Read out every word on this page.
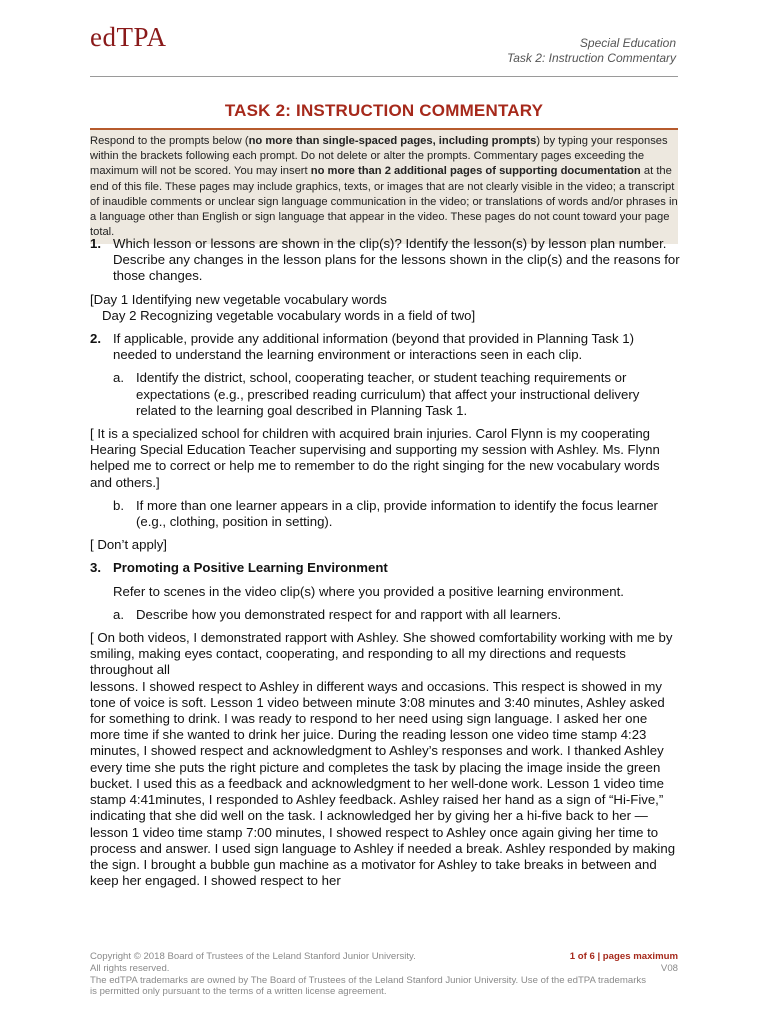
edTPA	Special Education
Task 2: Instruction Commentary
TASK 2: INSTRUCTION COMMENTARY
Respond to the prompts below (no more than single-spaced pages, including prompts) by typing your responses within the brackets following each prompt. Do not delete or alter the prompts. Commentary pages exceeding the maximum will not be scored. You may insert no more than 2 additional pages of supporting documentation at the end of this file. These pages may include graphics, texts, or images that are not clearly visible in the video; a transcript of inaudible comments or unclear sign language communication in the video; or translations of words and/or phrases in a language other than English or sign language that appear in the video. These pages do not count toward your page total.
1. Which lesson or lessons are shown in the clip(s)? Identify the lesson(s) by lesson plan number. Describe any changes in the lesson plans for the lessons shown in the clip(s) and the reasons for those changes.
[Day 1 Identifying new vegetable vocabulary words
Day 2 Recognizing vegetable vocabulary words in a field of two]
2. If applicable, provide any additional information (beyond that provided in Planning Task 1) needed to understand the learning environment or interactions seen in each clip.
a. Identify the district, school, cooperating teacher, or student teaching requirements or expectations (e.g., prescribed reading curriculum) that affect your instructional delivery related to the learning goal described in Planning Task 1.
[ It is a specialized school for children with acquired brain injuries. Carol Flynn is my cooperating Hearing Special Education Teacher supervising and supporting my session with Ashley. Ms. Flynn helped me to correct or help me to remember to do the right singing for the new vocabulary words and others.]
b. If more than one learner appears in a clip, provide information to identify the focus learner (e.g., clothing, position in setting).
[ Don’t apply]
3. Promoting a Positive Learning Environment
Refer to scenes in the video clip(s) where you provided a positive learning environment.
a. Describe how you demonstrated respect for and rapport with all learners.
[ On both videos, I demonstrated rapport with Ashley. She showed comfortability working with me by smiling, making eyes contact, cooperating, and responding to all my directions and requests throughout all
lessons. I showed respect to Ashley in different ways and occasions. This respect is showed in my tone of voice is soft. Lesson 1 video between minute 3:08 minutes and 3:40 minutes, Ashley asked for something to drink. I was ready to respond to her need using sign language. I asked her one more time if she wanted to drink her juice. During the reading lesson one video time stamp 4:23 minutes, I showed respect and acknowledgment to Ashley’s responses and work. I thanked Ashley every time she puts the right picture and completes the task by placing the image inside the green bucket. I used this as a feedback and acknowledgment to her well-done work. Lesson 1 video time stamp 4:41minutes, I responded to Ashley feedback. Ashley raised her hand as a sign of “Hi-Five,” indicating that she did well on the task. I acknowledged her by giving her a hi-five back to her — lesson 1 video time stamp 7:00 minutes, I showed respect to Ashley once again giving her time to process and answer. I used sign language to Ashley if needed a break. Ashley responded by making the sign. I brought a bubble gun machine as a motivator for Ashley to take breaks in between and keep her engaged. I showed respect to her
Copyright © 2018 Board of Trustees of the Leland Stanford Junior University.
All rights reserved.
The edTPA trademarks are owned by The Board of Trustees of the Leland Stanford Junior University. Use of the edTPA trademarks is permitted only pursuant to the terms of a written license agreement.
1 of 6 | pages maximum
V08
